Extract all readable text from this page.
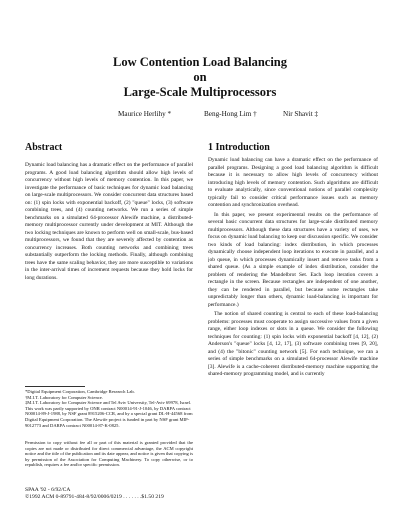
Low Contention Load Balancing
on
Large-Scale Multiprocessors
Maurice Herlihy *	Beng-Hong Lim †	Nir Shavit ‡
Abstract	1 Introduction

Dynamic load balancing has a dramatic effect on the performance of parallel programs. A good load balancing algorithm should allow high levels of concurrency without high levels of memory contention. In this paper, we investigate the performance of basic techniques for dynamic load balancing on large-scale multiprocessors. We consider concurrent data structures based on: (1) spin locks with exponential backoff, (2) "queue" locks, (3) software combining trees, and (4) counting networks. We run a series of simple benchmarks on a simulated 64-processor Alewife machine, a distributed-memory multiprocessor currently under development at MIT. Although the two locking techniques are known to perform well on small-scale, bus-based multiprocessors, we found that they are severely affected by contention as concurrency increases. Both counting networks and combining trees substantially outperform the locking methods. Finally, although combining trees have the same scaling behavior, they are more susceptible to variations in the inter-arrival times of increment requests because they hold locks for long durations.

*Digital Equipment Corporation, Cambridge Research Lab.
†M.I.T. Laboratory for Computer Science.
‡M.I.T. Laboratory for Computer Science and Tel Aviv University, Tel-Aviv 69978, Israel.
This work was partly supported by ONR contract N00014-91-J-1046, by DARPA contract N00014-89-J-1988, by NSF grant 8915206-CCR, and by a special grant DL-H-44568 from Digital Equipment Corporation. The Alewife project is funded in part by NSF grant MIP-9012773 and DARPA contract N00014-87-K-0825.
Permission to copy without fee all or part of this material is granted provided that the copies are not made or distributed for direct commercial advantage, the ACM copyright notice and the title of the publication and its date appear, and notice is given that copying is by permission of the Association for Computing Machinery. To copy otherwise, or to republish, requires a fee and/or specific permission.
SPAA '92 - 6/92/CA
©1992 ACM 0-89791-484-8/92/0006/0219 . . . . . . .$1.50 219

Dynamic load balancing can have a dramatic effect on the performance of parallel programs. Designing a good load balancing algorithm is difficult because it is necessary to allow high levels of concurrency without introducing high levels of memory contention. Such algorithms are difficult to evaluate analytically, since conventional notions of parallel complexity typically fail to consider critical performance issues such as memory contention and synchronization overhead.

In this paper, we present experimental results on the performance of several basic concurrent data structures for large-scale distributed memory multiprocessors. Although these data structures have a variety of uses, we focus on dynamic load balancing to keep our discussion specific. We consider two kinds of load balancing: index distribution, in which processes dynamically choose independent loop iterations to execute in parallel, and a job queue, in which processes dynamically insert and remove tasks from a shared queue. (As a simple example of index distribution, consider the problem of rendering the Mandelbrot Set. Each loop iteration covers a rectangle in the screen. Because rectangles are independent of one another, they can be rendered in parallel, but because some rectangles take unpredictably longer than others, dynamic load-balancing is important for performance.)

The notion of shared counting is central to each of these load-balancing problems: processes must cooperate to assign successive values from a given range, either loop indexes or slots in a queue. We consider the following techniques for counting: (1) spin locks with exponential backoff [4, 12], (2) Anderson's "queue" locks [4, 12, 17], (3) software combining trees [9, 20], and (4) the "bitonic" counting network [5]. For each technique, we ran a series of simple benchmarks on a simulated 64-processor Alewife machine [3]. Alewife is a cache-coherent distributed-memory machine supporting the shared-memory programming model, and is currently
